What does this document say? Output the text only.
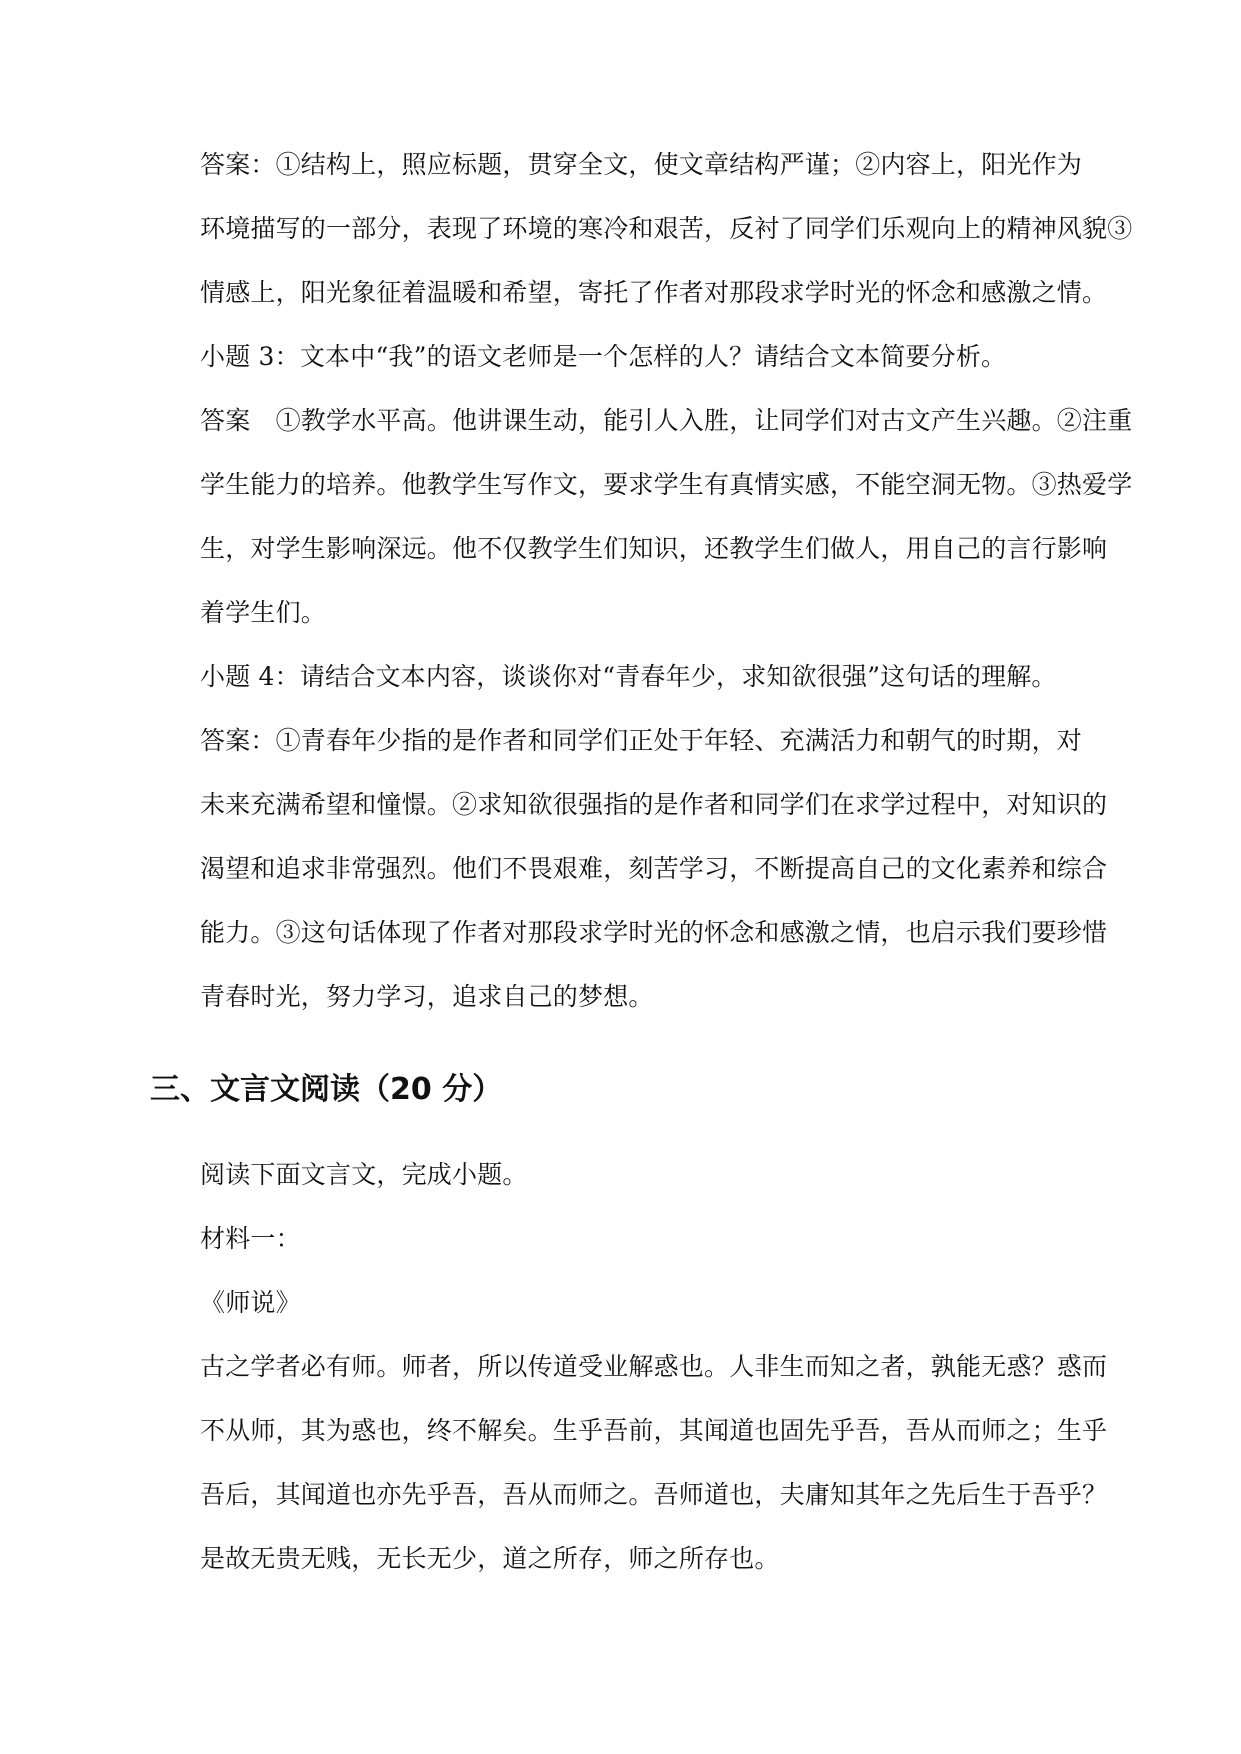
答案：①结构上，照应标题，贯穿全文，使文章结构严谨；②内容上，阳光作为
环境描写的一部分，表现了环境的寒冷和艰苦，反衬了同学们乐观向上的精神风貌③
情感上，阳光象征着温暖和希望，寄托了作者对那段求学时光的怀念和感激之情。
小题 3：文本中“我”的语文老师是一个怎样的人？请结合文本简要分析。
答案　①教学水平高。他讲课生动，能引人入胜，让同学们对古文产生兴趣。②注重
学生能力的培养。他教学生写作文，要求学生有真情实感，不能空洞无物。③热爱学
生，对学生影响深远。他不仅教学生们知识，还教学生们做人，用自己的言行影响
着学生们。
小题 4：请结合文本内容，谈谈你对“青春年少，求知欲很强”这句话的理解。
答案：①青春年少指的是作者和同学们正处于年轻、充满活力和朝气的时期，对
未来充满希望和憧憬。②求知欲很强指的是作者和同学们在求学过程中，对知识的
渴望和追求非常强烈。他们不畏艰难，刻苦学习，不断提高自己的文化素养和综合
能力。③这句话体现了作者对那段求学时光的怀念和感激之情，也启示我们要珍惜
青春时光，努力学习，追求自己的梦想。
三、文言文阅读（20 分）
阅读下面文言文，完成小题。
材料一：
《师说》
古之学者必有师。师者，所以传道受业解惑也。人非生而知之者，孰能无惑？惑而
不从师，其为惑也，终不解矣。生乎吾前，其闻道也固先乎吾，吾从而师之；生乎
吾后，其闻道也亦先乎吾，吾从而师之。吾师道也，夫庸知其年之先后生于吾乎？
是故无贵无贱，无长无少，道之所存，师之所存也。
